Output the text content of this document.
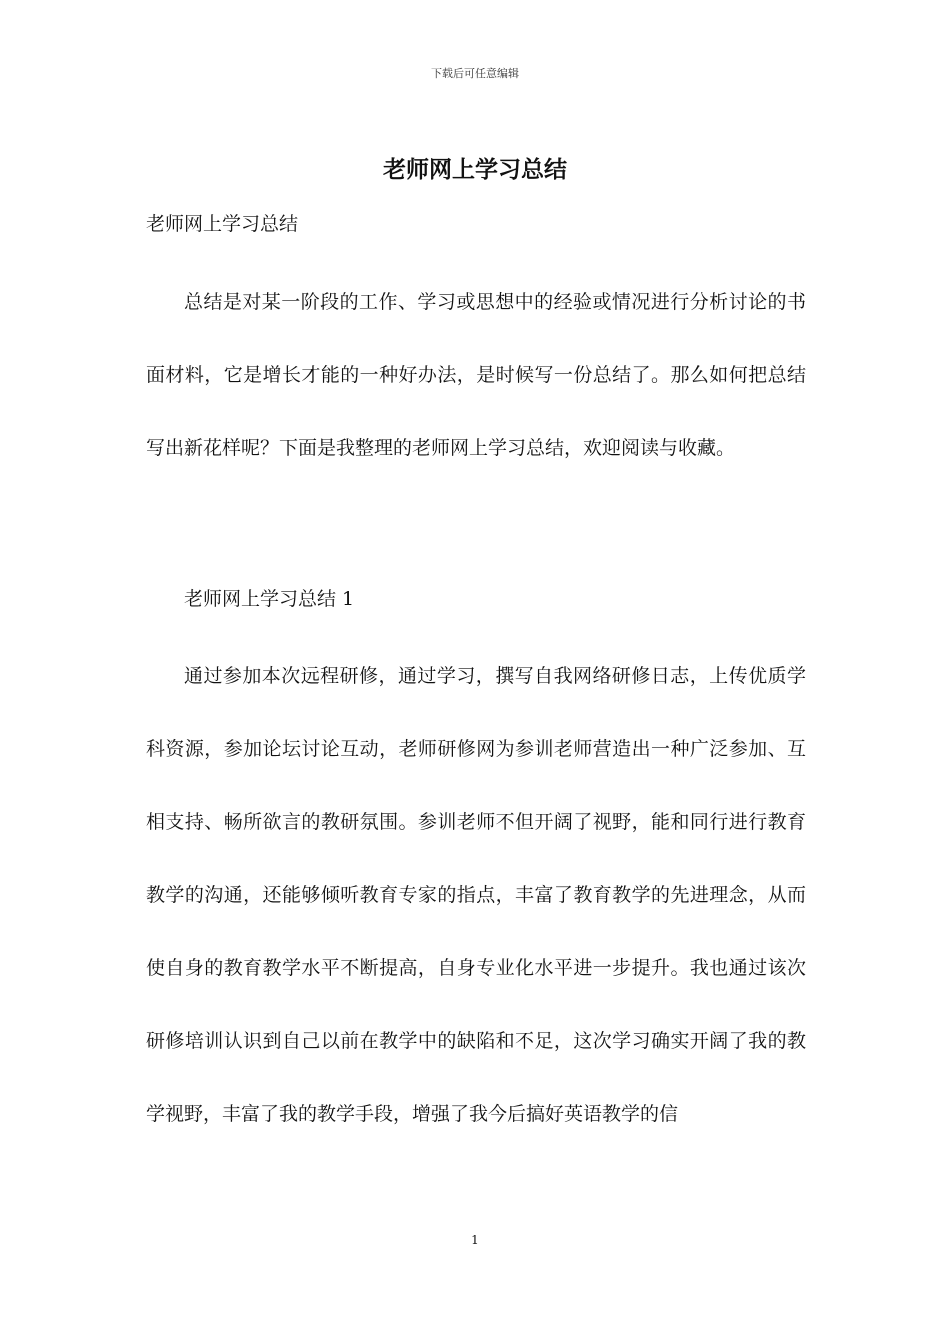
下载后可任意编辑
老师网上学习总结
老师网上学习总结

总结是对某一阶段的工作、学习或思想中的经验或情况进行分析讨论的书面材料，它是增长才能的一种好办法，是时候写一份总结了。那么如何把总结写出新花样呢？下面是我整理的老师网上学习总结，欢迎阅读与收藏。

老师网上学习总结 1

通过参加本次远程研修，通过学习，撰写自我网络研修日志，上传优质学科资源，参加论坛讨论互动，老师研修网为参训老师营造出一种广泛参加、互相支持、畅所欲言的教研氛围。参训老师不但开阔了视野，能和同行进行教育教学的沟通，还能够倾听教育专家的指点，丰富了教育教学的先进理念，从而使自身的教育教学水平不断提高，自身专业化水平进一步提升。我也通过该次研修培训认识到自己以前在教学中的缺陷和不足，这次学习确实开阔了我的教学视野，丰富了我的教学手段，增强了我今后搞好英语教学的信

1
